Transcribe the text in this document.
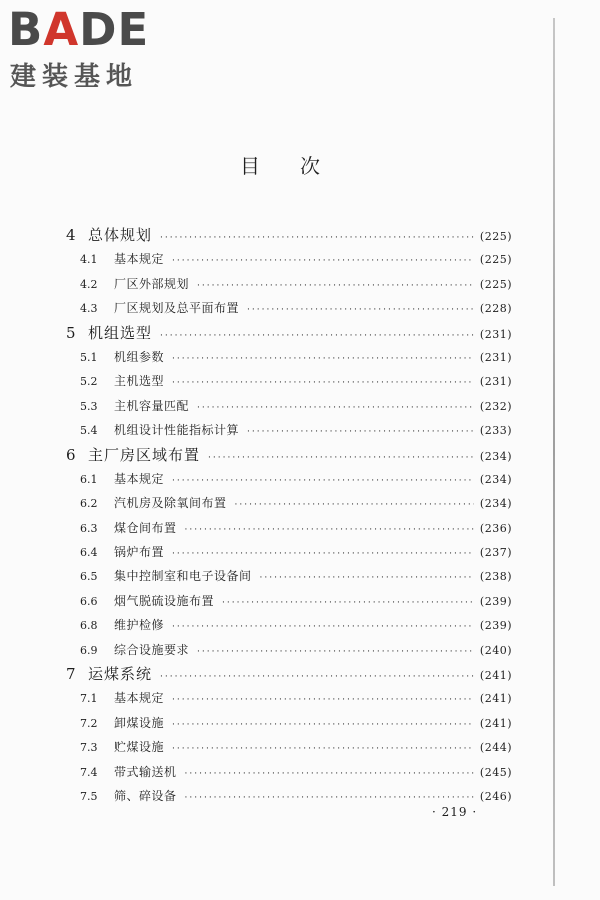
BADE
建装基地
目次
4 总体规划 ·····	(225)
4.1	基本规定 ·····	(225)
4.2	厂区外部规划 ·····	(225)
4.3	厂区规划及总平面布置 ·····	(228)
5 机组选型 ·····	(231)
5.1	机组参数 ·····	(231)
5.2	主机选型 ·····	(231)
5.3	主机容量匹配 ·····	(232)
5.4	机组设计性能指标计算 ·····	(233)
6 主厂房区域布置 ·····	(234)
6.1	基本规定 ·····	(234)
6.2	汽机房及除氧间布置 ·····	(234)
6.3	煤仓间布置 ·····	(236)
6.4	锅炉布置 ·····	(237)
6.5	集中控制室和电子设备间 ·····	(238)
6.6	烟气脱硫设施布置 ·····	(239)
6.8	维护检修 ·····	(239)
6.9	综合设施要求 ·····	(240)
7 运煤系统 ·····	(241)
7.1	基本规定 ·····	(241)
7.2	卸煤设施 ·····	(241)
7.3	贮煤设施 ·····	(244)
7.4	带式输送机 ·····	(245)
7.5	筛、碎设备 ·····	(246)
· 219 ·
